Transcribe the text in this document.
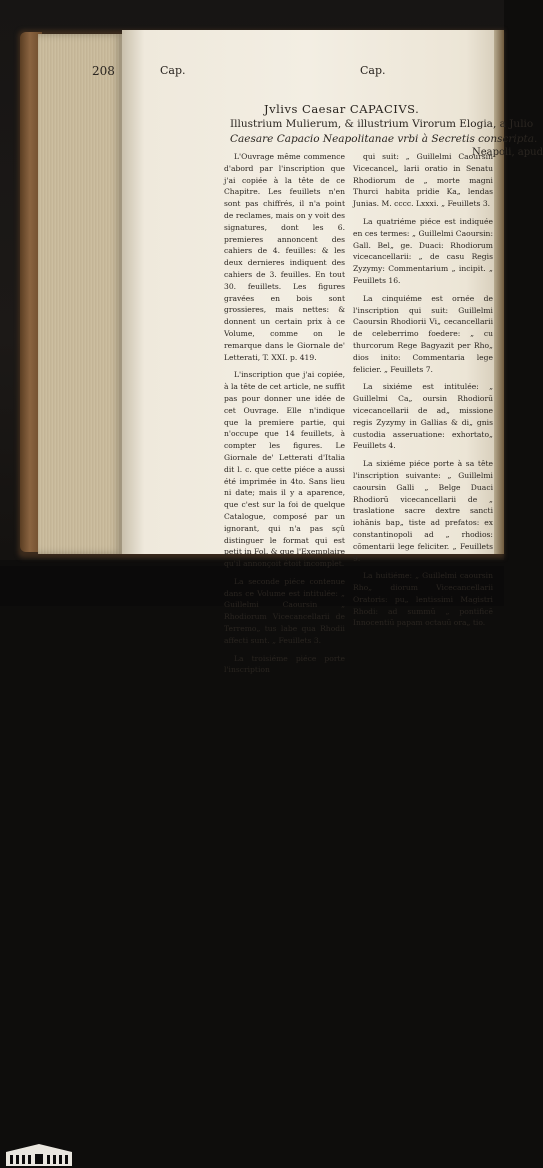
208	Cap.	Cap.
Jvlivs Caesar CAPACIVS.
Illustrium Mulierum, & illustrium Virorum Elogia, a Julio
Caesare Capacio Neapolitanae vrbi à Secretis conscripta.
Neapoli, apud

L'Ouvrage même commence d'abord par l'inscription que j'ai copiée à la tête de ce Chapitre. Les feuillets n'en sont pas chiffrés, il n'a point de reclames, mais on y voit des signatures, dont les 6. premieres annoncent des cahiers de 4. feuilles: & les deux dernieres indiquent des cahiers de 3. feuilles. En tout 30. feuillets. Les figures gravées en bois sont grossieres, mais nettes: & donnent un certain prix à ce Volume, comme on le remarque dans le Giornale de' Letterati, T. XXI. p. 419.

L'inscription que j'ai copiée, à la tête de cet article, ne suffit pas pour donner une idée de cet Ouvrage. Elle n'indique que la premiere partie, qui n'occupe que 14 feuillets, à compter les figures. Le Giornale de' Letterati d'Italia dit l. c. que cette piéce a aussi été imprimée in 4to. Sans lieu ni date; mais il y a aparence, que c'est sur la foi de quelque Catalogue, composé par un ignorant, qui n'a pas sçû distinguer le format qui est petit in Fol. & que l'Exemplaire qu'il annonçoit étoit incomplet.

La seconde piéce contenue dans ce Volume est intitulée: „ Guillelmi Caoursin „ Rhodiorum Vicecancellarii de Terremo„ tus labe qua Rhodii affecti sunt. „ Feuillets 3.

La troisiéme piéce porte l'inscription

qui suit: „ Guillelmi Caoursin Vicecancel„ larii oratio in Senatu Rhodiorum de „ morte magni Thurci habita pridie Ka„ lendas Junias. M. cccc. Lxxxi. „ Feuillets 3.

La quatriéme piéce est indiquée en ces termes: „ Guillelmi Caoursin: Gall. Bel„ ge. Duaci: Rhodiorum vicecancellarii: „ de casu Regis Zyzymy: Commentarium „ incipit. „ Feuillets 16.

La cinquiéme est ornée de l'inscription qui suit: Guillelmi Caoursin Rhodiorii Vi„ cecancellarii de celeberrimo foedere: „ cu thurcorum Rege Bagyazit per Rho„ dios inito: Commentaria lege felicier. „ Feuillets 7.

La sixiéme est intitulée: „ Guillelmi Ca„ oursin Rhodiorū vicecancellarii de ad„ missione regis Zyzymy in Gallias & di„ gnis custodia asseruatione: exhortato„ Feuillets 4.

La sixiéme piéce porte à sa tête l'inscription suivante: „ Guillelmi caoursin Galli „ Belge Duaci Rhodiorū vicecancellarii de „ traslatione sacre dextre sancti iohānis bap„ tiste ad prefatos: ex constantinopoli ad „ rhodios: cōmentarii lege feliciter. „ Feuillets 9.

La huitiéme: „ Guillelmi caoursin Rho„ diorum Vicecancellarii Oratoris: pu„ lentissimi Magistri Rhodi: ad summū „ pontificē Innocentiū papam octauū ora„ tio.
